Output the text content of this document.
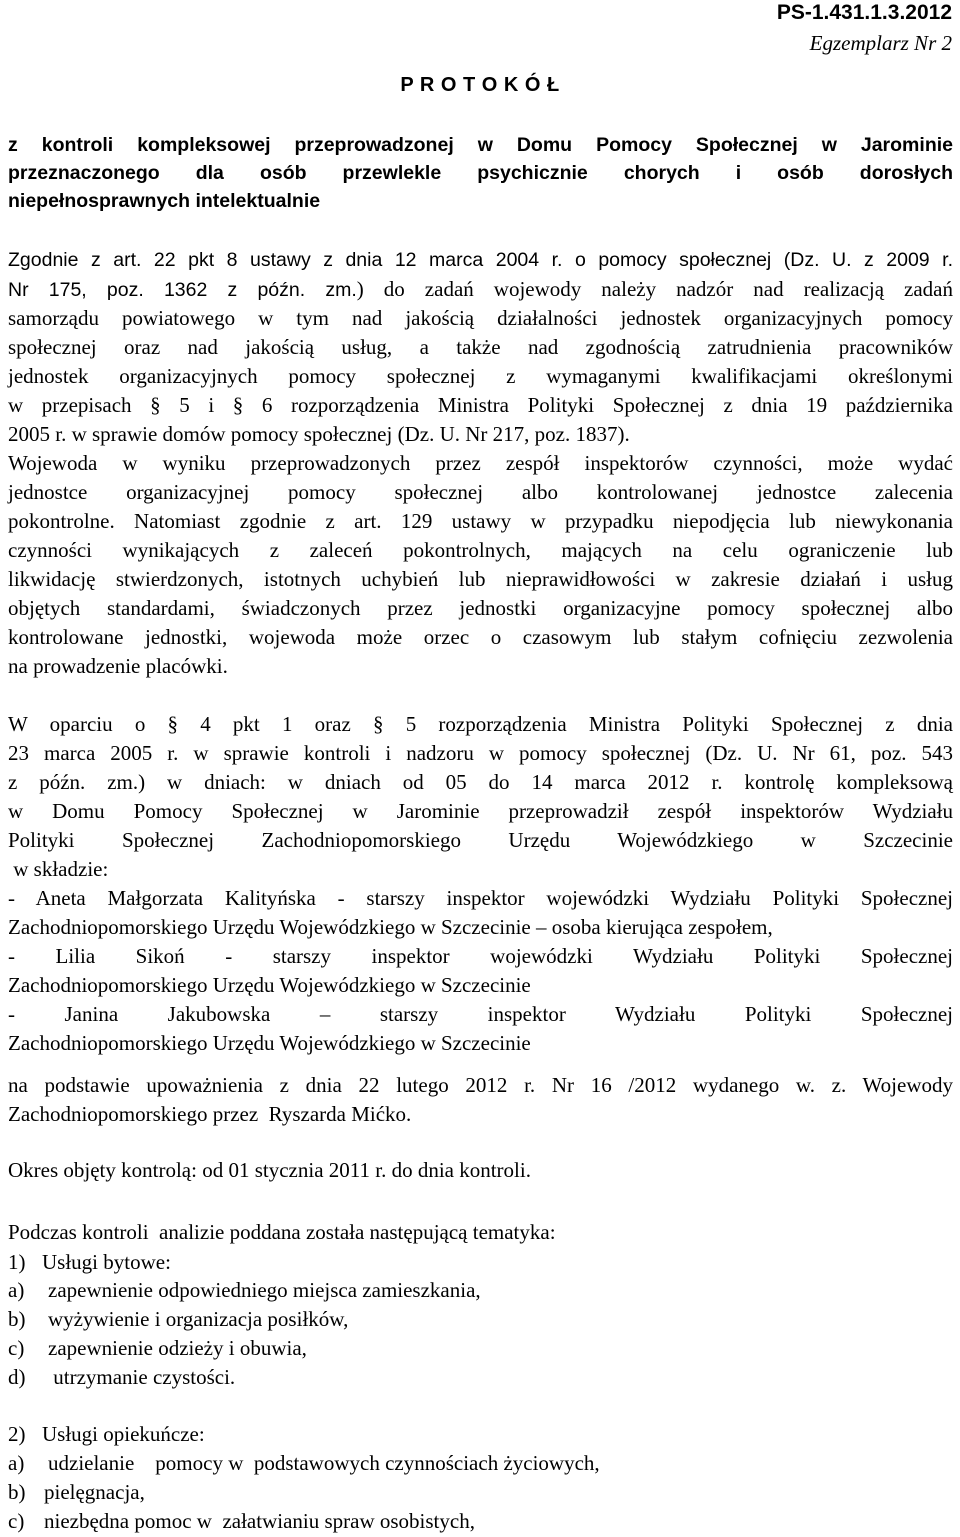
PS-1.431.1.3.2012
Egzemplarz Nr 2
P R O T O K Ó Ł
z kontroli kompleksowej przeprowadzonej w Domu Pomocy Społecznej w Jarominie
przeznaczonego dla osób przewlekle psychicznie chorych i osób dorosłych
niepełnosprawnych intelektualnie
Zgodnie z art. 22 pkt 8 ustawy z dnia 12 marca 2004 r. o pomocy społecznej (Dz. U. z 2009 r.
Nr 175, poz. 1362 z późn. zm.) do zadań wojewody należy nadzór nad realizacją zadań
samorządu powiatowego w tym nad jakością działalności jednostek organizacyjnych pomocy
społecznej oraz nad jakością usług, a także nad zgodnością zatrudnienia pracowników
jednostek organizacyjnych pomocy społecznej z wymaganymi kwalifikacjami określonymi
w przepisach § 5 i § 6 rozporządzenia Ministra Polityki Społecznej z dnia 19 października
2005 r. w sprawie domów pomocy społecznej (Dz. U. Nr 217, poz. 1837).
Wojewoda w wyniku przeprowadzonych przez zespół inspektorów czynności, może wydać
jednostce organizacyjnej pomocy społecznej albo kontrolowanej jednostce zalecenia
pokontrolne. Natomiast zgodnie z art. 129 ustawy w przypadku niepodjęcia lub niewykonania
czynności wynikających z zaleceń pokontrolnych, mających na celu ograniczenie lub
likwidację stwierdzonych, istotnych uchybień lub nieprawidłowości w zakresie działań i usług
objętych standardami, świadczonych przez jednostki organizacyjne pomocy społecznej albo
kontrolowane jednostki, wojewoda może orzec o czasowym lub stałym cofnięciu zezwolenia
na prowadzenie placówki.
W oparciu o § 4 pkt 1 oraz § 5 rozporządzenia Ministra Polityki Społecznej z dnia
23 marca 2005 r. w sprawie kontroli i nadzoru w pomocy społecznej (Dz. U. Nr 61, poz. 543
z późn. zm.) w dniach: w dniach od 05 do 14 marca 2012 r. kontrolę kompleksową
w Domu Pomocy Społecznej w Jarominie przeprowadził zespół inspektorów Wydziału
Polityki Społecznej Zachodniopomorskiego Urzędu Wojewódzkiego w Szczecinie
w składzie:
- Aneta Małgorzata Kalityńska - starszy inspektor wojewódzki Wydziału Polityki Społecznej
Zachodniopomorskiego Urzędu Wojewódzkiego w Szczecinie – osoba kierująca zespołem,
- Lilia Sikoń - starszy inspektor wojewódzki Wydziału Polityki Społecznej
Zachodniopomorskiego Urzędu Wojewódzkiego w Szczecinie
- Janina Jakubowska – starszy inspektor Wydziału Polityki Społecznej
Zachodniopomorskiego Urzędu Wojewódzkiego w Szczecinie
na podstawie upoważnienia z dnia 22 lutego 2012 r. Nr 16 /2012 wydanego w. z. Wojewody
Zachodniopomorskiego przez  Ryszarda Mićko.
Okres objęty kontrolą: od 01 stycznia 2011 r. do dnia kontroli.
Podczas kontroli  analizie poddana została następującą tematyka:
1) Usługi bytowe:
a) zapewnienie odpowiedniego miejsca zamieszkania,
b) wyżywienie i organizacja posiłków,
c) zapewnienie odzieży i obuwia,
d) utrzymanie czystości.
2) Usługi opiekuńcze:
a) udzielanie    pomocy w  podstawowych czynnościach życiowych,
b) pielęgnacja,
c) niezbędna pomoc w  załatwianiu spraw osobistych,
